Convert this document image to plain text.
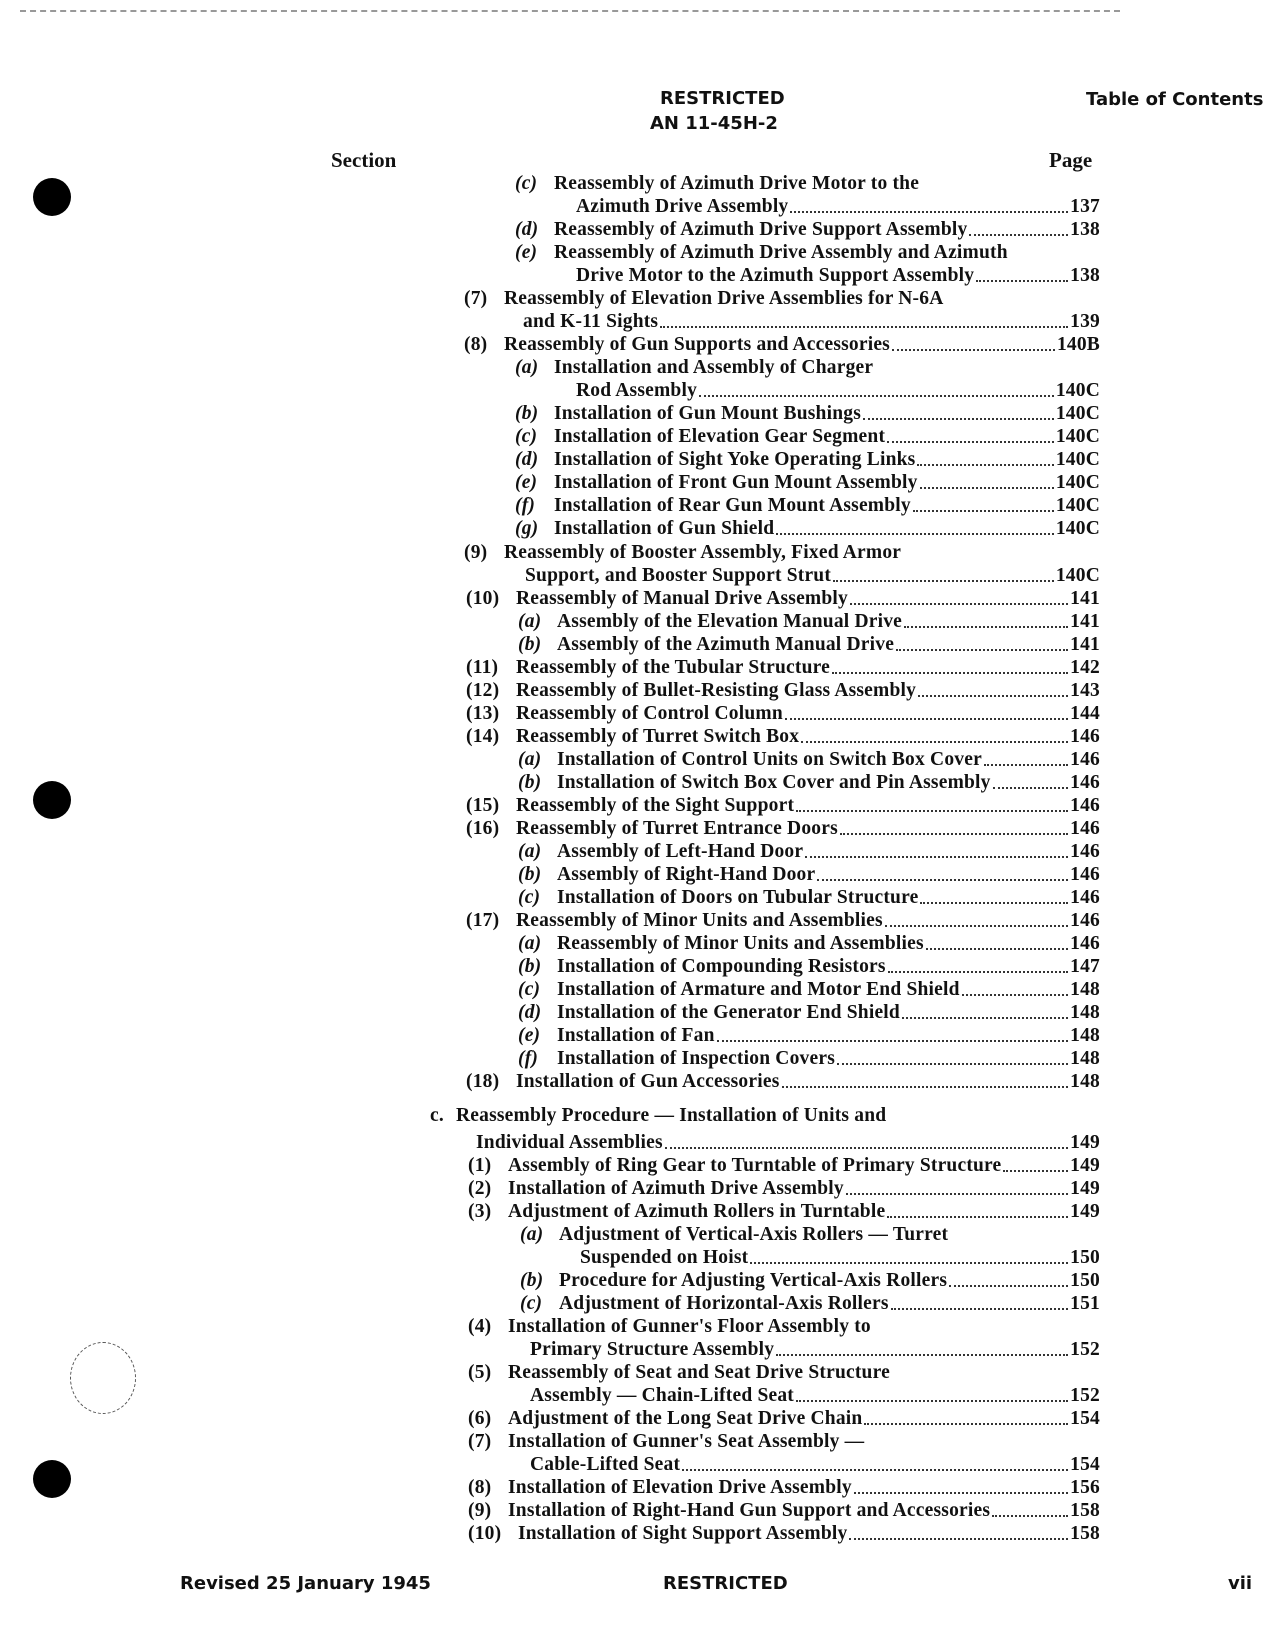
RESTRICTED
AN 11-45H-2
Table of Contents
Section	Page
(c) Reassembly of Azimuth Drive Motor to the
Azimuth Drive Assembly	137
(d) Reassembly of Azimuth Drive Support Assembly	138
(e) Reassembly of Azimuth Drive Assembly and Azimuth
Drive Motor to the Azimuth Support Assembly	138
(7) Reassembly of Elevation Drive Assemblies for N-6A
and K-11 Sights	139
(8) Reassembly of Gun Supports and Accessories	140B
(a) Installation and Assembly of Charger
Rod Assembly	140C
(b) Installation of Gun Mount Bushings	140C
(c) Installation of Elevation Gear Segment	140C
(d) Installation of Sight Yoke Operating Links	140C
(e) Installation of Front Gun Mount Assembly	140C
(f) Installation of Rear Gun Mount Assembly	140C
(g) Installation of Gun Shield	140C
(9) Reassembly of Booster Assembly, Fixed Armor
Support, and Booster Support Strut	140C
(10) Reassembly of Manual Drive Assembly	141
(a) Assembly of the Elevation Manual Drive	141
(b) Assembly of the Azimuth Manual Drive	141
(11) Reassembly of the Tubular Structure	142
(12) Reassembly of Bullet-Resisting Glass Assembly	143
(13) Reassembly of Control Column	144
(14) Reassembly of Turret Switch Box	146
(a) Installation of Control Units on Switch Box Cover	146
(b) Installation of Switch Box Cover and Pin Assembly	146
(15) Reassembly of the Sight Support	146
(16) Reassembly of Turret Entrance Doors	146
(a) Assembly of Left-Hand Door	146
(b) Assembly of Right-Hand Door	146
(c) Installation of Doors on Tubular Structure	146
(17) Reassembly of Minor Units and Assemblies	146
(a) Reassembly of Minor Units and Assemblies	146
(b) Installation of Compounding Resistors	147
(c) Installation of Armature and Motor End Shield	148
(d) Installation of the Generator End Shield	148
(e) Installation of Fan	148
(f) Installation of Inspection Covers	148
(18) Installation of Gun Accessories	148
c. Reassembly Procedure — Installation of Units and
Individual Assemblies	149
(1) Assembly of Ring Gear to Turntable of Primary Structure	149
(2) Installation of Azimuth Drive Assembly	149
(3) Adjustment of Azimuth Rollers in Turntable	149
(a) Adjustment of Vertical-Axis Rollers — Turret
Suspended on Hoist	150
(b) Procedure for Adjusting Vertical-Axis Rollers	150
(c) Adjustment of Horizontal-Axis Rollers	151
(4) Installation of Gunner's Floor Assembly to
Primary Structure Assembly	152
(5) Reassembly of Seat and Seat Drive Structure
Assembly — Chain-Lifted Seat	152
(6) Adjustment of the Long Seat Drive Chain	154
(7) Installation of Gunner's Seat Assembly —
Cable-Lifted Seat	154
(8) Installation of Elevation Drive Assembly	156
(9) Installation of Right-Hand Gun Support and Accessories	158
(10) Installation of Sight Support Assembly	158
Revised 25 January 1945	RESTRICTED	vii
